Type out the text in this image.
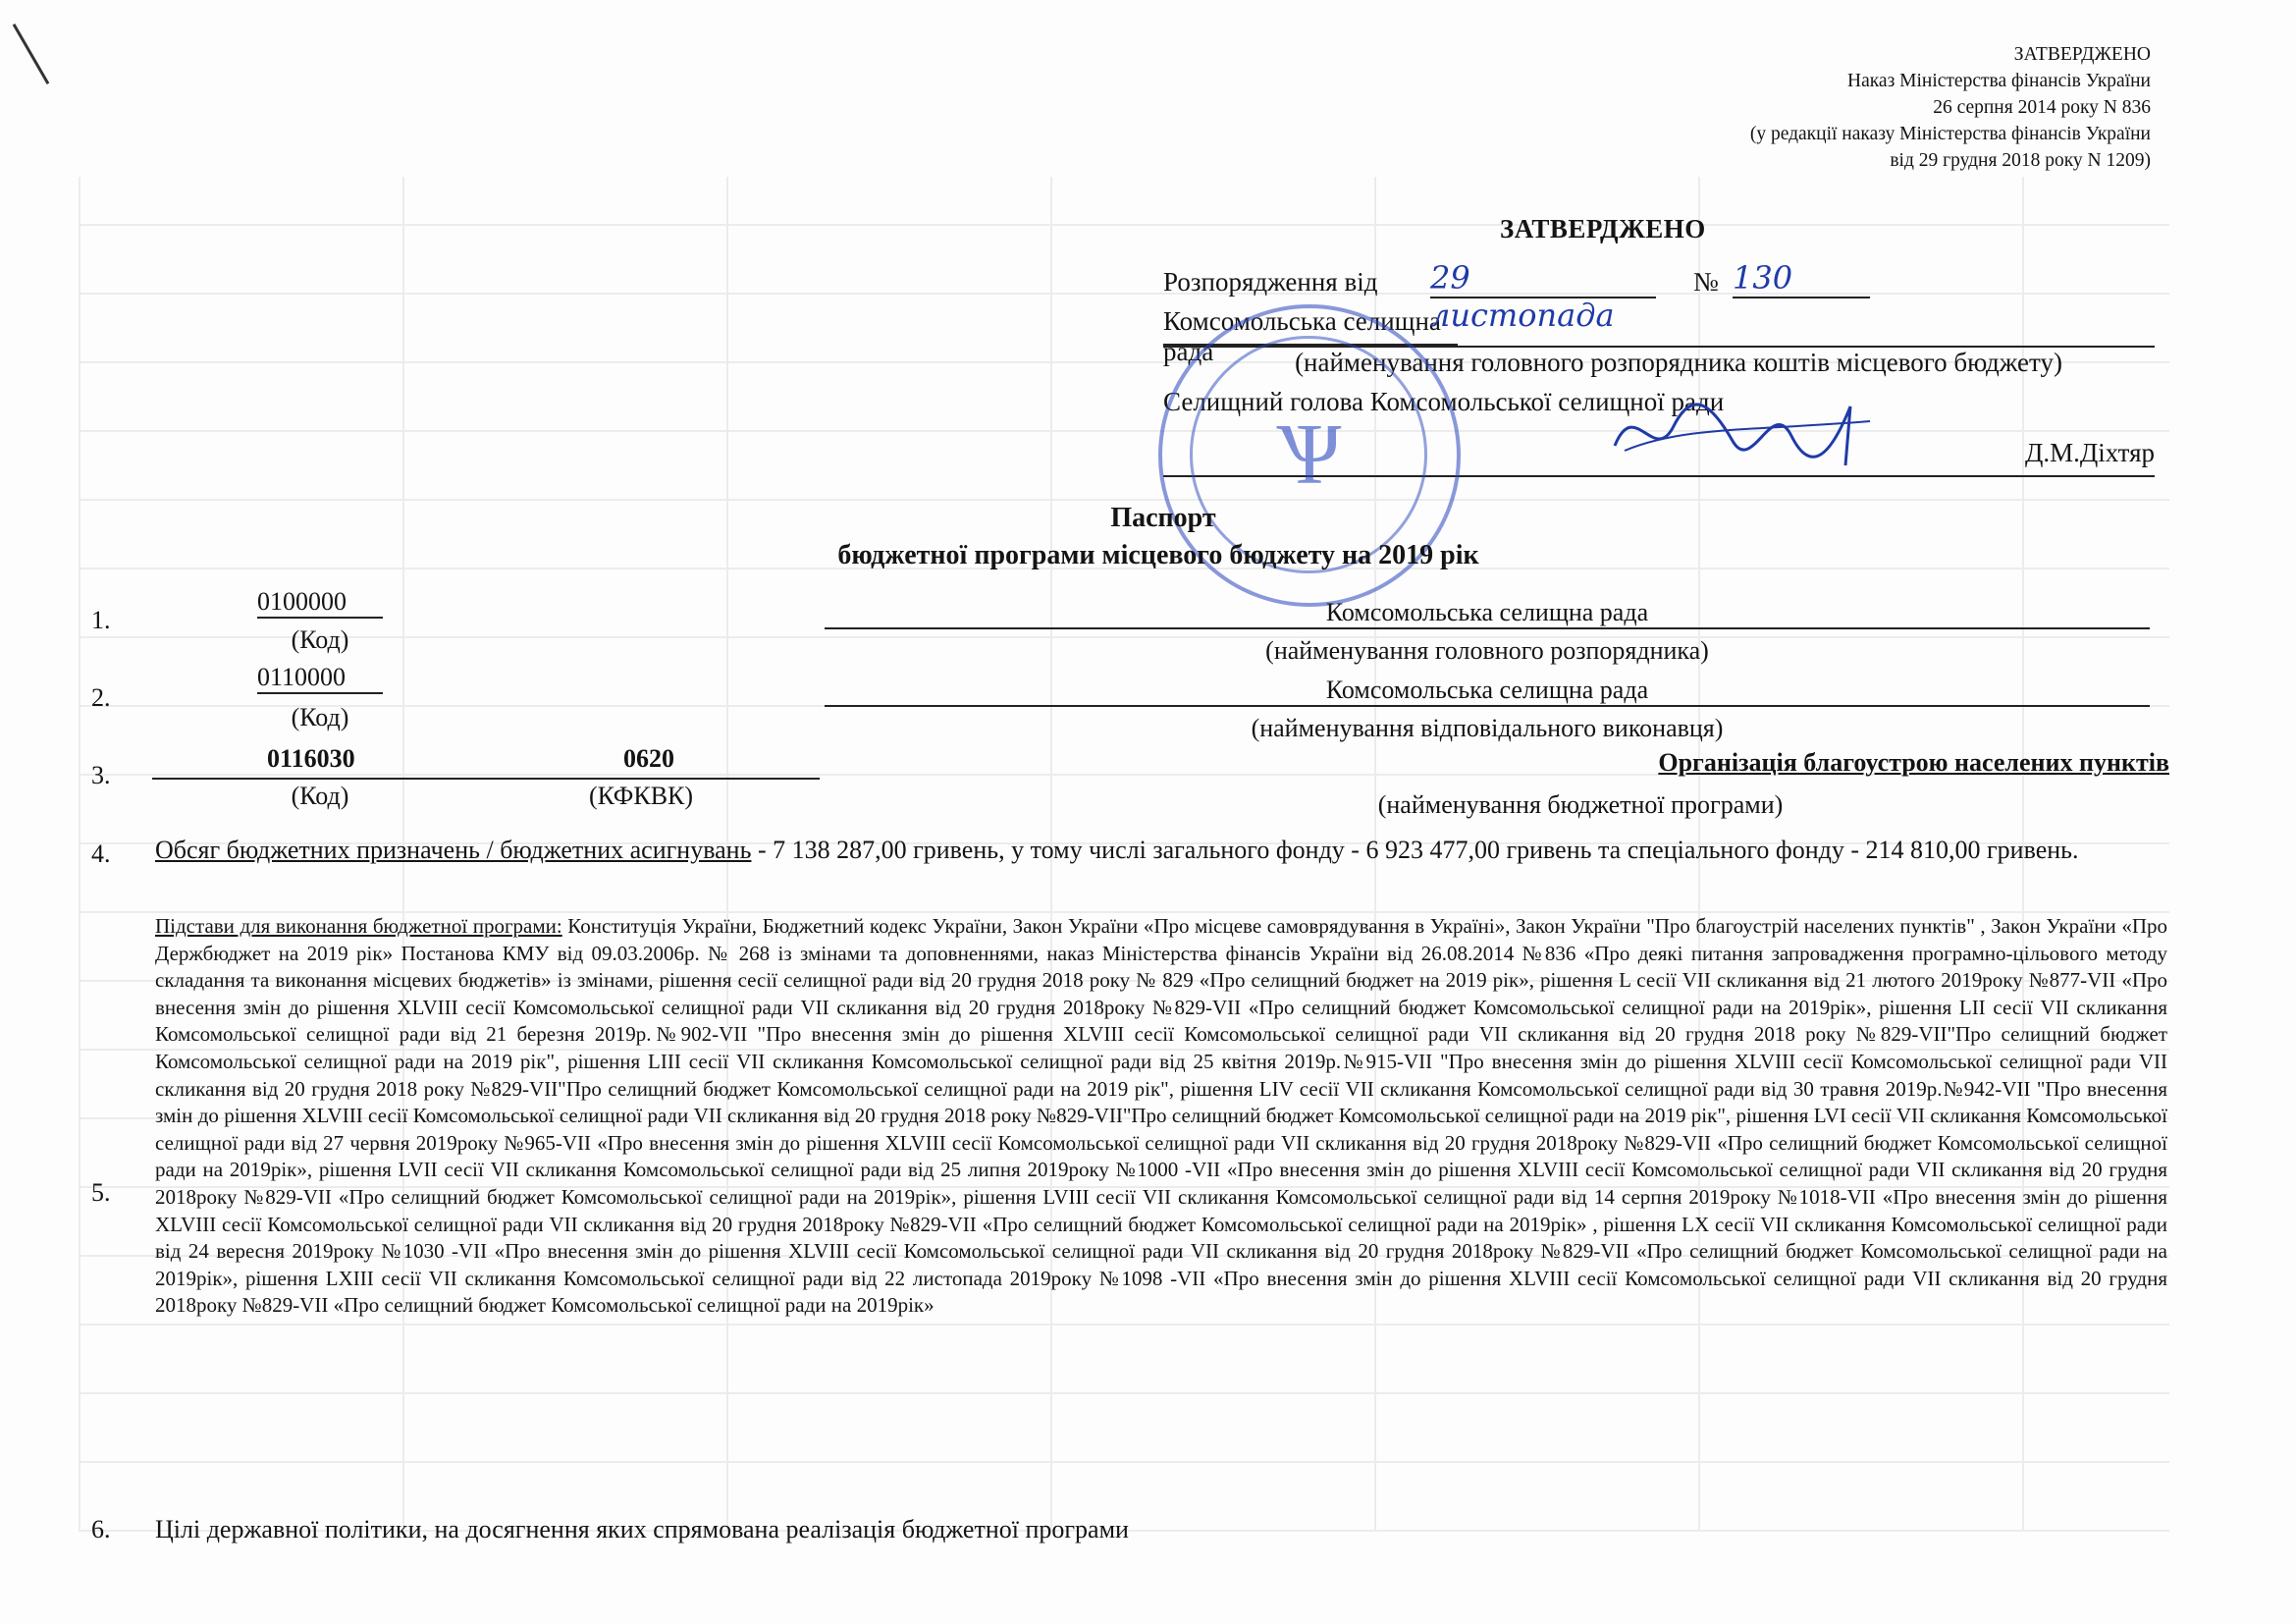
ЗАТВЕРДЖЕНО
Наказ Міністерства фінансів України
26 серпня 2014 року N 836
(у редакції наказу Міністерства фінансів України
від 29 грудня 2018 року N 1209)
ЗАТВЕРДЖЕНО
Розпорядження від 29 листопада
№ 130
Комсомольська селищна рада	(найменування головного розпорядника коштів місцевого бюджету)
Селищний голова Комсомольської селищної ради
Д.М.Діхтяр
Ѱ
Паспорт
бюджетної програми місцевого бюджету на 2019 рік
1.
0100000
(Код)
Комсомольська селищна рада
(найменування головного розпорядника)
2.
0110000
(Код)
Комсомольська селищна рада
(найменування відповідального виконавця)
3.
0116030	0620
(Код)	(КФКВК)
Організація благоустрою населених пунктів
(найменування бюджетної програми)
4. Обсяг бюджетних призначень / бюджетних асигнувань - 7 138 287,00 гривень, у тому числі загального фонду - 6 923 477,00 гривень та спеціального фонду - 214 810,00 гривень.
5.
Підстави для виконання бюджетної програми: Конституція України, Бюджетний кодекс України, Закон України «Про місцеве самоврядування в Україні», Закон України "Про благоустрій населених пунктів" , Закон України «Про Держбюджет на 2019 рік» Постанова КМУ від 09.03.2006р. № 268 із змінами та доповненнями, наказ Міністерства фінансів України від 26.08.2014 №836 «Про деякі питання запровадження програмно-цільового методу складання та виконання місцевих бюджетів» із змінами, рішення сесії селищної ради від 20 грудня 2018 року № 829 «Про селищний бюджет на 2019 рік», рішення L сесії VII скликання від 21 лютого 2019року №877-VII «Про внесення змін до рішення XLVIII сесії Комсомольської селищної ради VII скликання від 20 грудня 2018року №829-VII «Про селищний бюджет Комсомольської селищної ради на 2019рік», рішення LII сесії VII скликання Комсомольської селищної ради від 21 березня 2019р.№902-VII "Про внесення змін до рішення XLVIII сесії Комсомольської селищної ради VII скликання від 20 грудня 2018 року №829-VII"Про селищний бюджет Комсомольської селищної ради на 2019 рік", рішення LIII сесії VII скликання Комсомольської селищної ради від 25 квітня 2019р.№915-VII "Про внесення змін до рішення XLVIII сесії Комсомольської селищної ради VII скликання від 20 грудня 2018 року №829-VII"Про селищний бюджет Комсомольської селищної ради на 2019 рік", рішення LIV сесії VII скликання Комсомольської селищної ради від 30 травня 2019р.№942-VII "Про внесення змін до рішення XLVIII сесії Комсомольської селищної ради VII скликання від 20 грудня 2018 року №829-VII"Про селищний бюджет Комсомольської селищної ради на 2019 рік", рішення LVI сесії VII скликання Комсомольської селищної ради від 27 червня 2019року №965-VII «Про внесення змін до рішення XLVIII сесії Комсомольської селищної ради VII скликання від 20 грудня 2018року №829-VII «Про селищний бюджет Комсомольської селищної ради на 2019рік», рішення LVII сесії VII скликання Комсомольської селищної ради від 25 липня 2019року №1000 -VII «Про внесення змін до рішення XLVIII сесії Комсомольської селищної ради VII скликання від 20 грудня 2018року №829-VII «Про селищний бюджет Комсомольської селищної ради на 2019рік», рішення LVIII сесії VII скликання Комсомольської селищної ради від 14 серпня 2019року №1018-VII «Про внесення змін до рішення XLVIII сесії Комсомольської селищної ради VII скликання від 20 грудня 2018року №829-VII «Про селищний бюджет Комсомольської селищної ради на 2019рік» , рішення LX сесії VII скликання Комсомольської селищної ради від 24 вересня 2019року №1030 -VII «Про внесення змін до рішення XLVIII сесії Комсомольської селищної ради VII скликання від 20 грудня 2018року №829-VII «Про селищний бюджет Комсомольської селищної ради на 2019рік», рішення LXIII сесії VII скликання Комсомольської селищної ради від 22 листопада 2019року №1098 -VII «Про внесення змін до рішення XLVIII сесії Комсомольської селищної ради VII скликання від 20 грудня 2018року №829-VII «Про селищний бюджет Комсомольської селищної ради на 2019рік»
6. Цілі державної політики, на досягнення яких спрямована реалізація бюджетної програми
